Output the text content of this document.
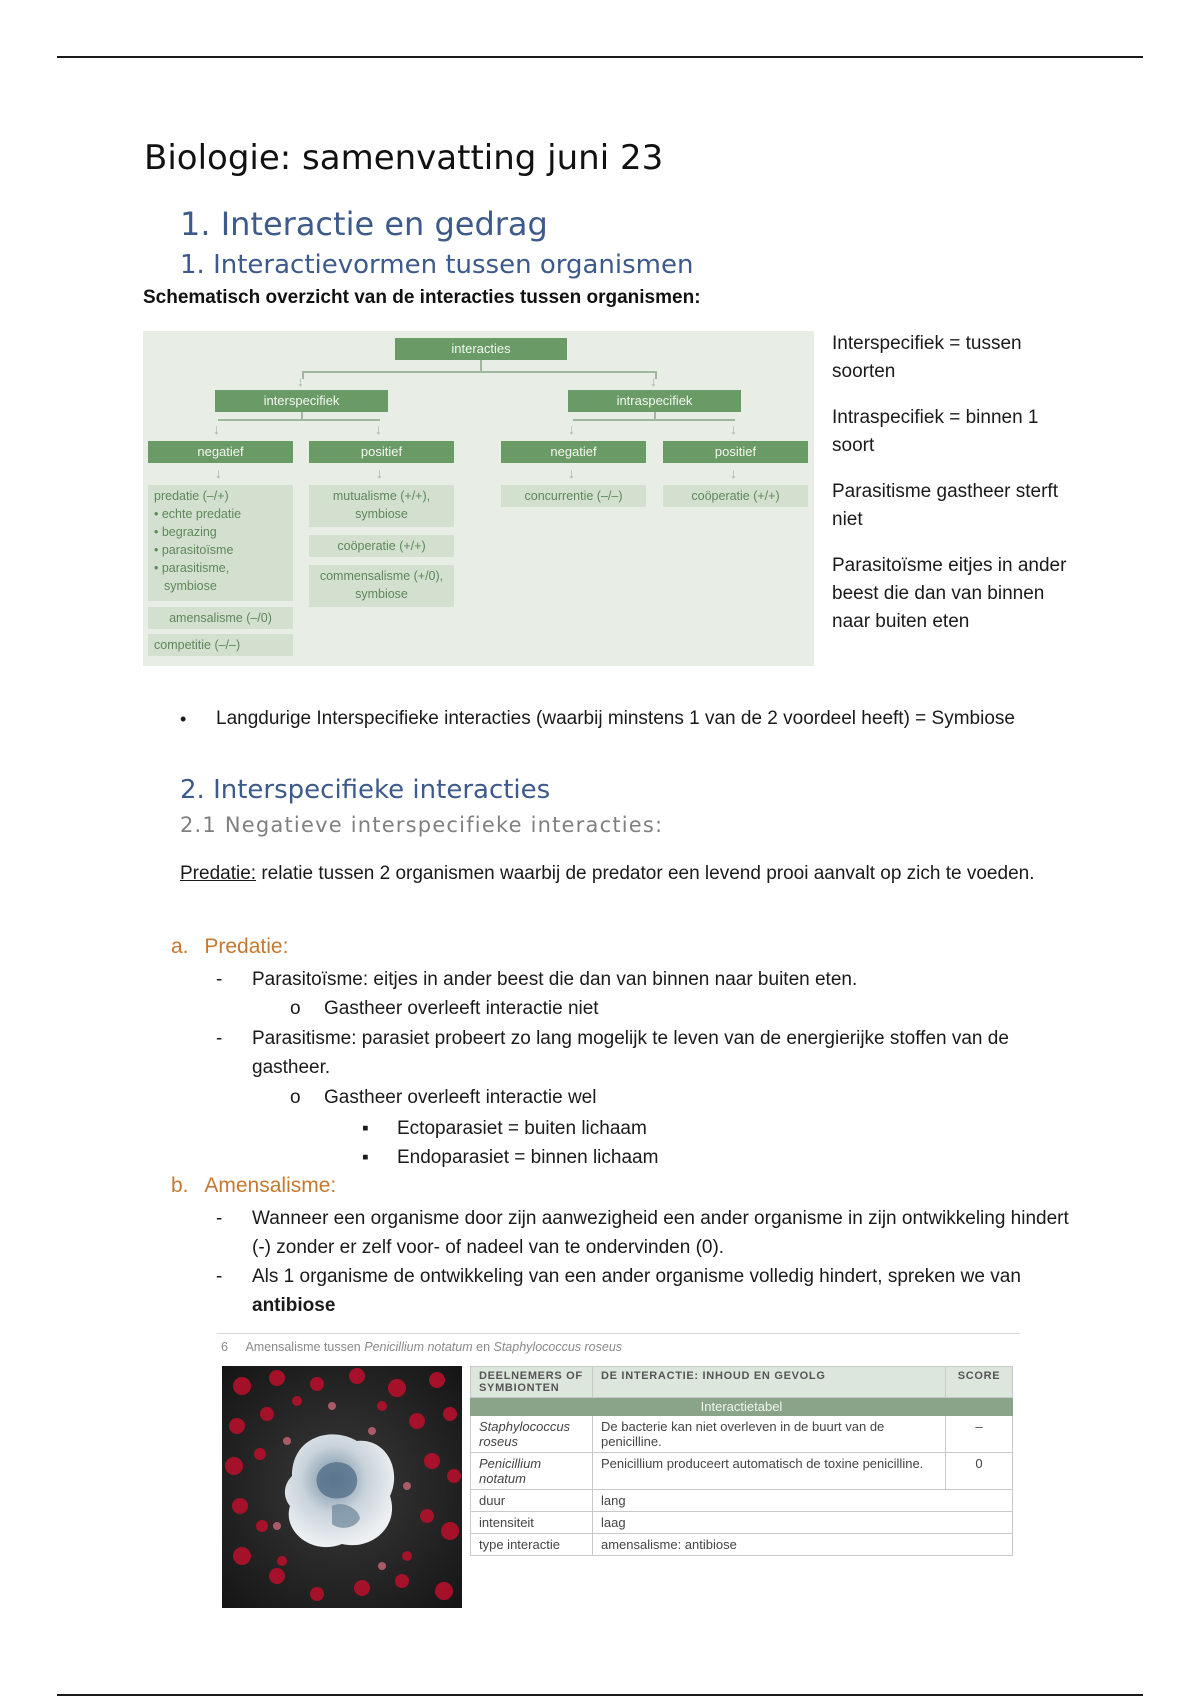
Biologie: samenvatting juni 23
1. Interactie en gedrag
1. Interactievormen tussen organismen
Schematisch overzicht van de interacties tussen organismen:
↓	↓
interacties
interspecifiek	intraspecifiek
↓	↓	↓	↓
negatief	positief	negatief	positief
↓	↓	↓	↓
predatie (–/+)
• echte predatie
• begrazing
• parasitoïsme
• parasitisme,
symbiose
amensalisme (–/0)
competitie (–/–)
mutualisme (+/+),
symbiose
coöperatie (+/+)
commensalisme (+/0),
symbiose
concurrentie (–/–)	coöperatie (+/+)

Interspecifiek = tussen soorten

Intraspecifiek = binnen 1 soort

Parasitisme gastheer sterft niet

Parasitoïsme eitjes in ander beest die dan van binnen naar buiten eten

• Langdurige Interspecifieke interacties (waarbij minstens 1 van de 2 voordeel heeft) = Symbiose
2. Interspecifieke interacties
2.1 Negatieve interspecifieke interacties:
Predatie: relatie tussen 2 organismen waarbij de predator een levend prooi aanvalt op zich te voeden.
a. Predatie:
- Parasitoïsme: eitjes in ander beest die dan van binnen naar buiten eten.
o Gastheer overleeft interactie niet
- Parasitisme: parasiet probeert zo lang mogelijk te leven van de energierijke stoffen van de gastheer.
o Gastheer overleeft interactie wel
▪ Ectoparasiet = buiten lichaam
▪ Endoparasiet = binnen lichaam
b. Amensalisme:
- Wanneer een organisme door zijn aanwezigheid een ander organisme in zijn ontwikkeling hindert (-) zonder er zelf voor- of nadeel van te ondervinden (0).
- Als 1 organisme de ontwikkeling van een ander organisme volledig hindert, spreken we van antibiose
6 Amensalisme tussen Penicillium notatum en Staphylococcus roseus
Interactietabel		
DEELNEMERS OF SYMBIONTEN	DE INTERACTIE: INHOUD EN GEVOLG	SCORE
Staphylococcus roseus	De bacterie kan niet overleven in de buurt van de penicilline.	–
Penicillium notatum	Penicillium produceert automatisch de toxine penicilline.	0
duur	lang	
intensiteit	laag	
type interactie	amensalisme: antibiose	
